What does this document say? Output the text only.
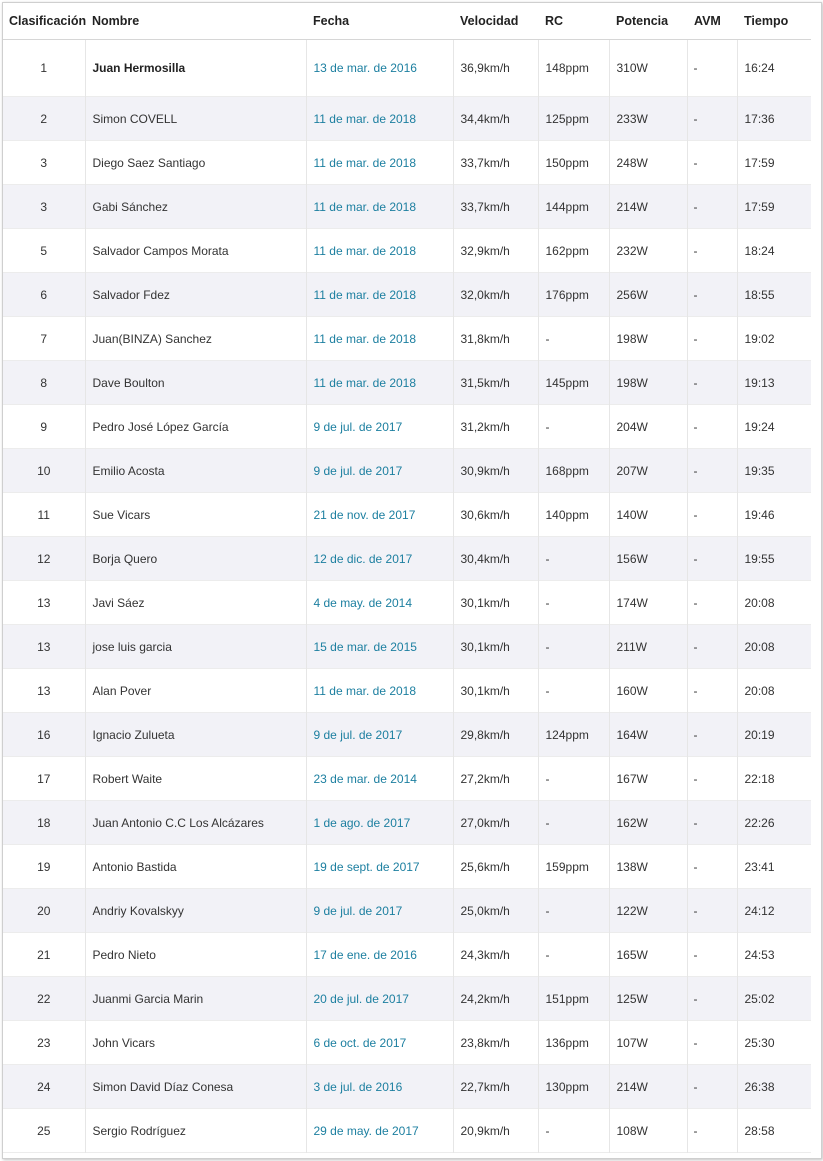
Clasificación	Nombre	Fecha	Velocidad	RC	Potencia	AVM	Tiempo
1	Juan Hermosilla	13 de mar. de 2016	36,9km/h	148ppm	310W	-	16:24
2	Simon COVELL	11 de mar. de 2018	34,4km/h	125ppm	233W	-	17:36
3	Diego Saez Santiago	11 de mar. de 2018	33,7km/h	150ppm	248W	-	17:59
3	Gabi Sánchez	11 de mar. de 2018	33,7km/h	144ppm	214W	-	17:59
5	Salvador Campos Morata	11 de mar. de 2018	32,9km/h	162ppm	232W	-	18:24
6	Salvador Fdez	11 de mar. de 2018	32,0km/h	176ppm	256W	-	18:55
7	Juan(BINZA) Sanchez	11 de mar. de 2018	31,8km/h	-	198W	-	19:02
8	Dave Boulton	11 de mar. de 2018	31,5km/h	145ppm	198W	-	19:13
9	Pedro José López García	9 de jul. de 2017	31,2km/h	-	204W	-	19:24
10	Emilio Acosta	9 de jul. de 2017	30,9km/h	168ppm	207W	-	19:35
11	Sue Vicars	21 de nov. de 2017	30,6km/h	140ppm	140W	-	19:46
12	Borja Quero	12 de dic. de 2017	30,4km/h	-	156W	-	19:55
13	Javi Sáez	4 de may. de 2014	30,1km/h	-	174W	-	20:08
13	jose luis garcia	15 de mar. de 2015	30,1km/h	-	211W	-	20:08
13	Alan Pover	11 de mar. de 2018	30,1km/h	-	160W	-	20:08
16	Ignacio Zulueta	9 de jul. de 2017	29,8km/h	124ppm	164W	-	20:19
17	Robert Waite	23 de mar. de 2014	27,2km/h	-	167W	-	22:18
18	Juan Antonio C.C Los Alcázares	1 de ago. de 2017	27,0km/h	-	162W	-	22:26
19	Antonio Bastida	19 de sept. de 2017	25,6km/h	159ppm	138W	-	23:41
20	Andriy Kovalskyy	9 de jul. de 2017	25,0km/h	-	122W	-	24:12
21	Pedro Nieto	17 de ene. de 2016	24,3km/h	-	165W	-	24:53
22	Juanmi Garcia Marin	20 de jul. de 2017	24,2km/h	151ppm	125W	-	25:02
23	John Vicars	6 de oct. de 2017	23,8km/h	136ppm	107W	-	25:30
24	Simon David Díaz Conesa	3 de jul. de 2016	22,7km/h	130ppm	214W	-	26:38
25	Sergio Rodríguez	29 de may. de 2017	20,9km/h	-	108W	-	28:58
